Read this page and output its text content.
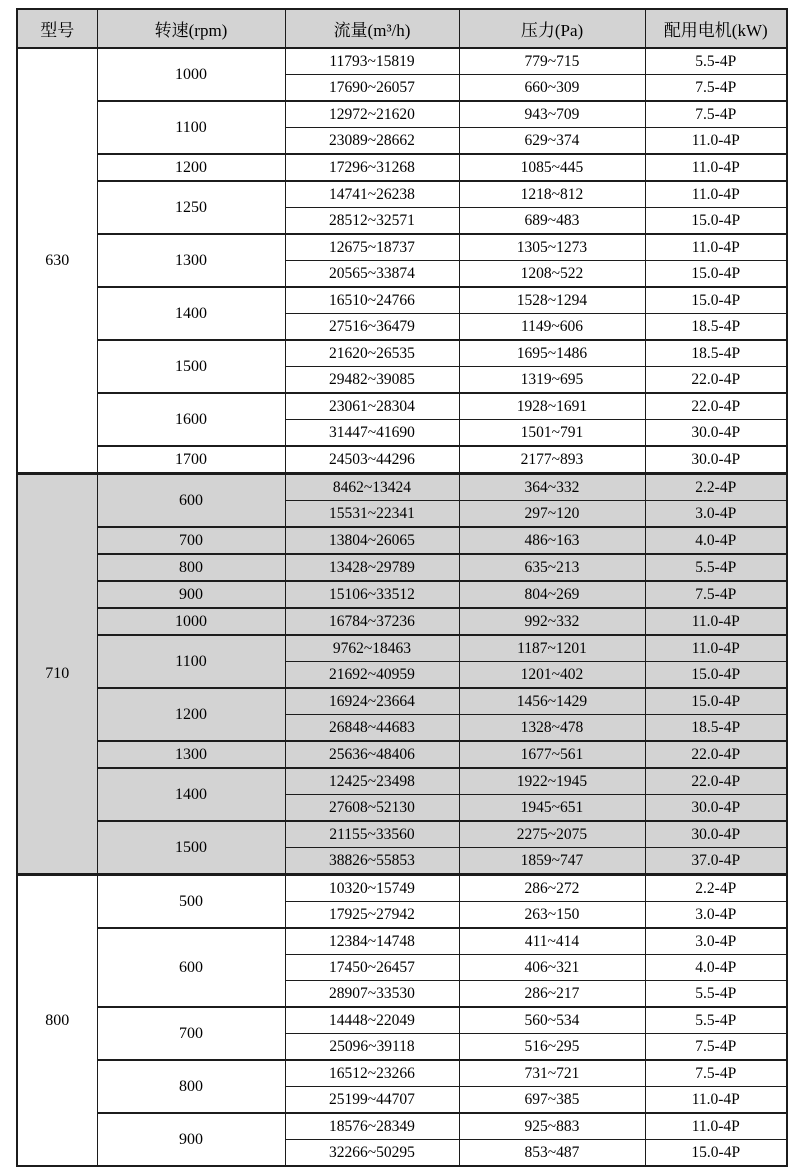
型号	转速(rpm)	流量(m³/h)	压力(Pa)	配用电机(kW)
630	1000	11793~15819	779~715	5.5-4P
		17690~26057	660~309	7.5-4P
	1100	12972~21620	943~709	7.5-4P
		23089~28662	629~374	11.0-4P
	1200	17296~31268	1085~445	11.0-4P
	1250	14741~26238	1218~812	11.0-4P
		28512~32571	689~483	15.0-4P
	1300	12675~18737	1305~1273	11.0-4P
		20565~33874	1208~522	15.0-4P
	1400	16510~24766	1528~1294	15.0-4P
		27516~36479	1149~606	18.5-4P
	1500	21620~26535	1695~1486	18.5-4P
		29482~39085	1319~695	22.0-4P
	1600	23061~28304	1928~1691	22.0-4P
		31447~41690	1501~791	30.0-4P
	1700	24503~44296	2177~893	30.0-4P
710	600	8462~13424	364~332	2.2-4P
		15531~22341	297~120	3.0-4P
	700	13804~26065	486~163	4.0-4P
	800	13428~29789	635~213	5.5-4P
	900	15106~33512	804~269	7.5-4P
	1000	16784~37236	992~332	11.0-4P
	1100	9762~18463	1187~1201	11.0-4P
		21692~40959	1201~402	15.0-4P
	1200	16924~23664	1456~1429	15.0-4P
		26848~44683	1328~478	18.5-4P
	1300	25636~48406	1677~561	22.0-4P
	1400	12425~23498	1922~1945	22.0-4P
		27608~52130	1945~651	30.0-4P
	1500	21155~33560	2275~2075	30.0-4P
		38826~55853	1859~747	37.0-4P
800	500	10320~15749	286~272	2.2-4P
		17925~27942	263~150	3.0-4P
	600	12384~14748	411~414	3.0-4P
		17450~26457	406~321	4.0-4P
		28907~33530	286~217	5.5-4P
	700	14448~22049	560~534	5.5-4P
		25096~39118	516~295	7.5-4P
	800	16512~23266	731~721	7.5-4P
		25199~44707	697~385	11.0-4P
	900	18576~28349	925~883	11.0-4P
		32266~50295	853~487	15.0-4P
